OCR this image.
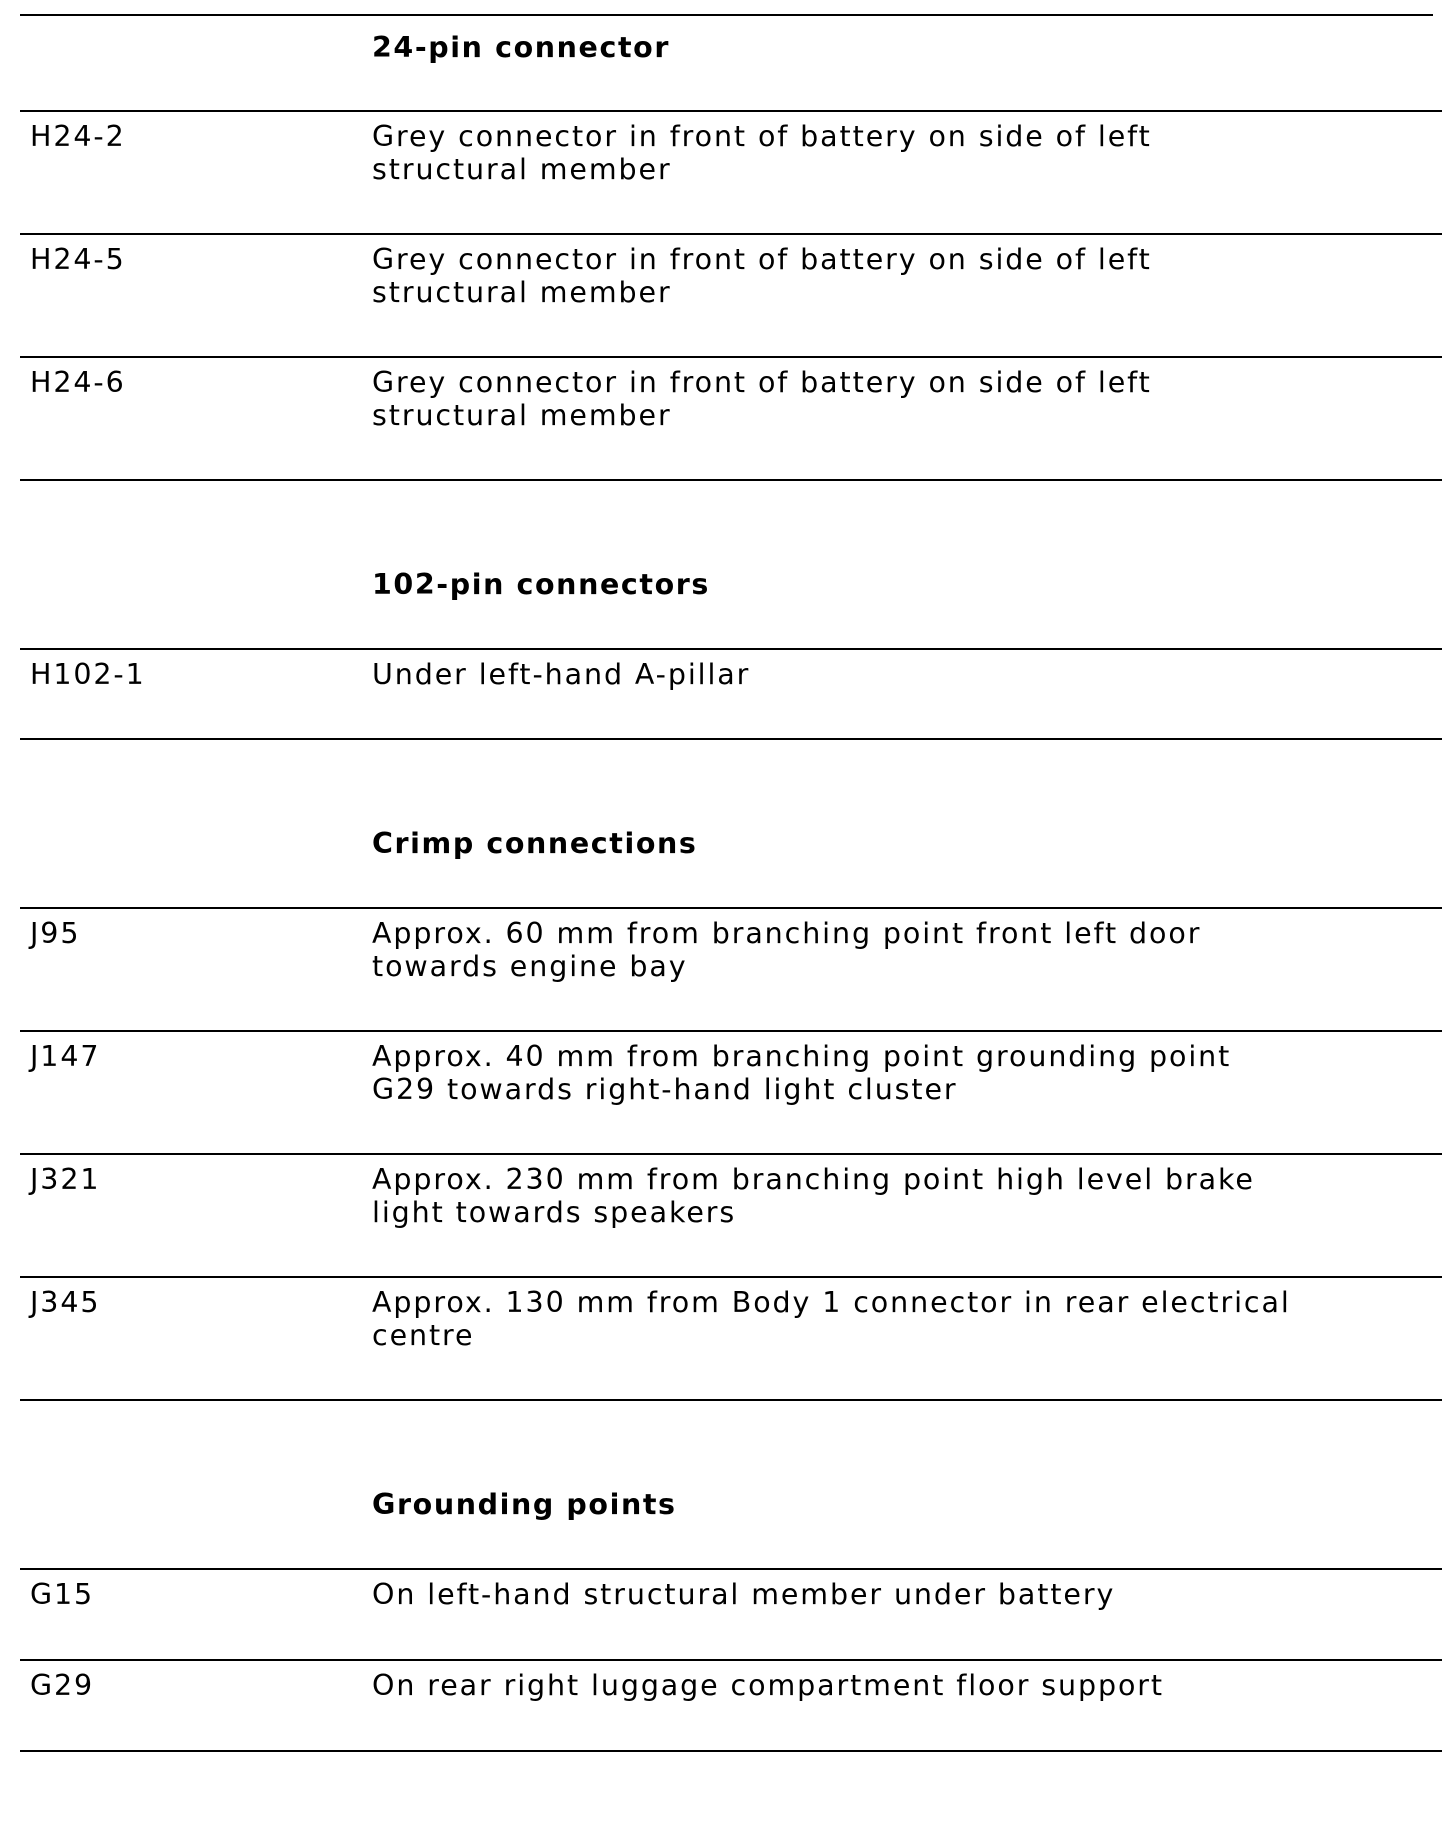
24-pin connector
H24-2	Grey connector in front of battery on side of left
structural member
H24-5	Grey connector in front of battery on side of left
structural member
H24-6	Grey connector in front of battery on side of left
structural member
102-pin connectors
H102-1	Under left-hand A-pillar
Crimp connections
J95	Approx. 60 mm from branching point front left door
towards engine bay
J147	Approx. 40 mm from branching point grounding point
G29 towards right-hand light cluster
J321	Approx. 230 mm from branching point high level brake
light towards speakers
J345	Approx. 130 mm from Body 1 connector in rear electrical
centre
Grounding points
G15	On left-hand structural member under battery
G29	On rear right luggage compartment floor support
